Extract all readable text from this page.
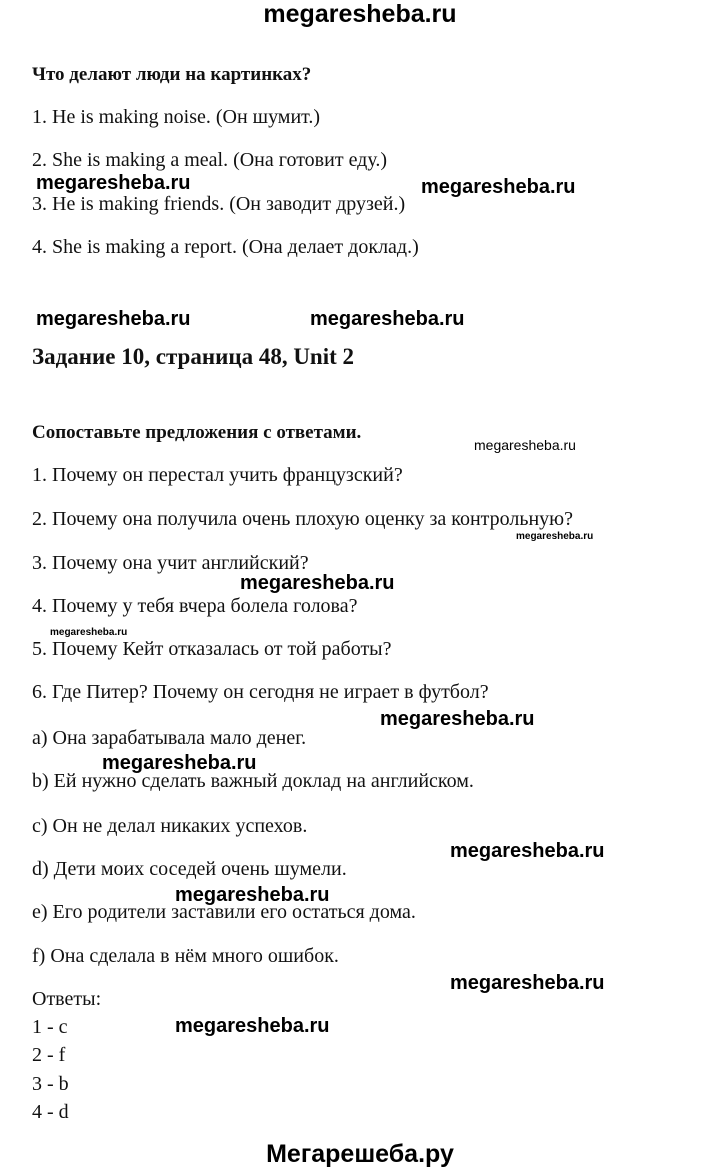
megaresheba.ru
Что делают люди на картинках?
1. He is making noise. (Он шумит.)
2. She is making a meal. (Она готовит еду.)
3. He is making friends. (Он заводит друзей.)
4. She is making a report. (Она делает доклад.)
Задание 10, страница 48, Unit 2
Сопоставьте предложения с ответами.
1. Почему он перестал учить французский?
2. Почему она получила очень плохую оценку за контрольную?
3. Почему она учит английский?
4. Почему у тебя вчера болела голова?
5. Почему Кейт отказалась от той работы?
6. Где Питер? Почему он сегодня не играет в футбол?
a) Она зарабатывала мало денег.
b) Ей нужно сделать важный доклад на английском.
c) Он не делал никаких успехов.
d) Дети моих соседей очень шумели.
e) Его родители заставили его остаться дома.
f) Она сделала в нём много ошибок.
Ответы:
1 - c
2 - f
3 - b
4 - d
megaresheba.ru	megaresheba.ru
megaresheba.ru	megaresheba.ru
megaresheba.ru
megaresheba.ru
megaresheba.ru
megaresheba.ru
megaresheba.ru
megaresheba.ru
megaresheba.ru
megaresheba.ru
megaresheba.ru
megaresheba.ru
Мегарешеба.ру
